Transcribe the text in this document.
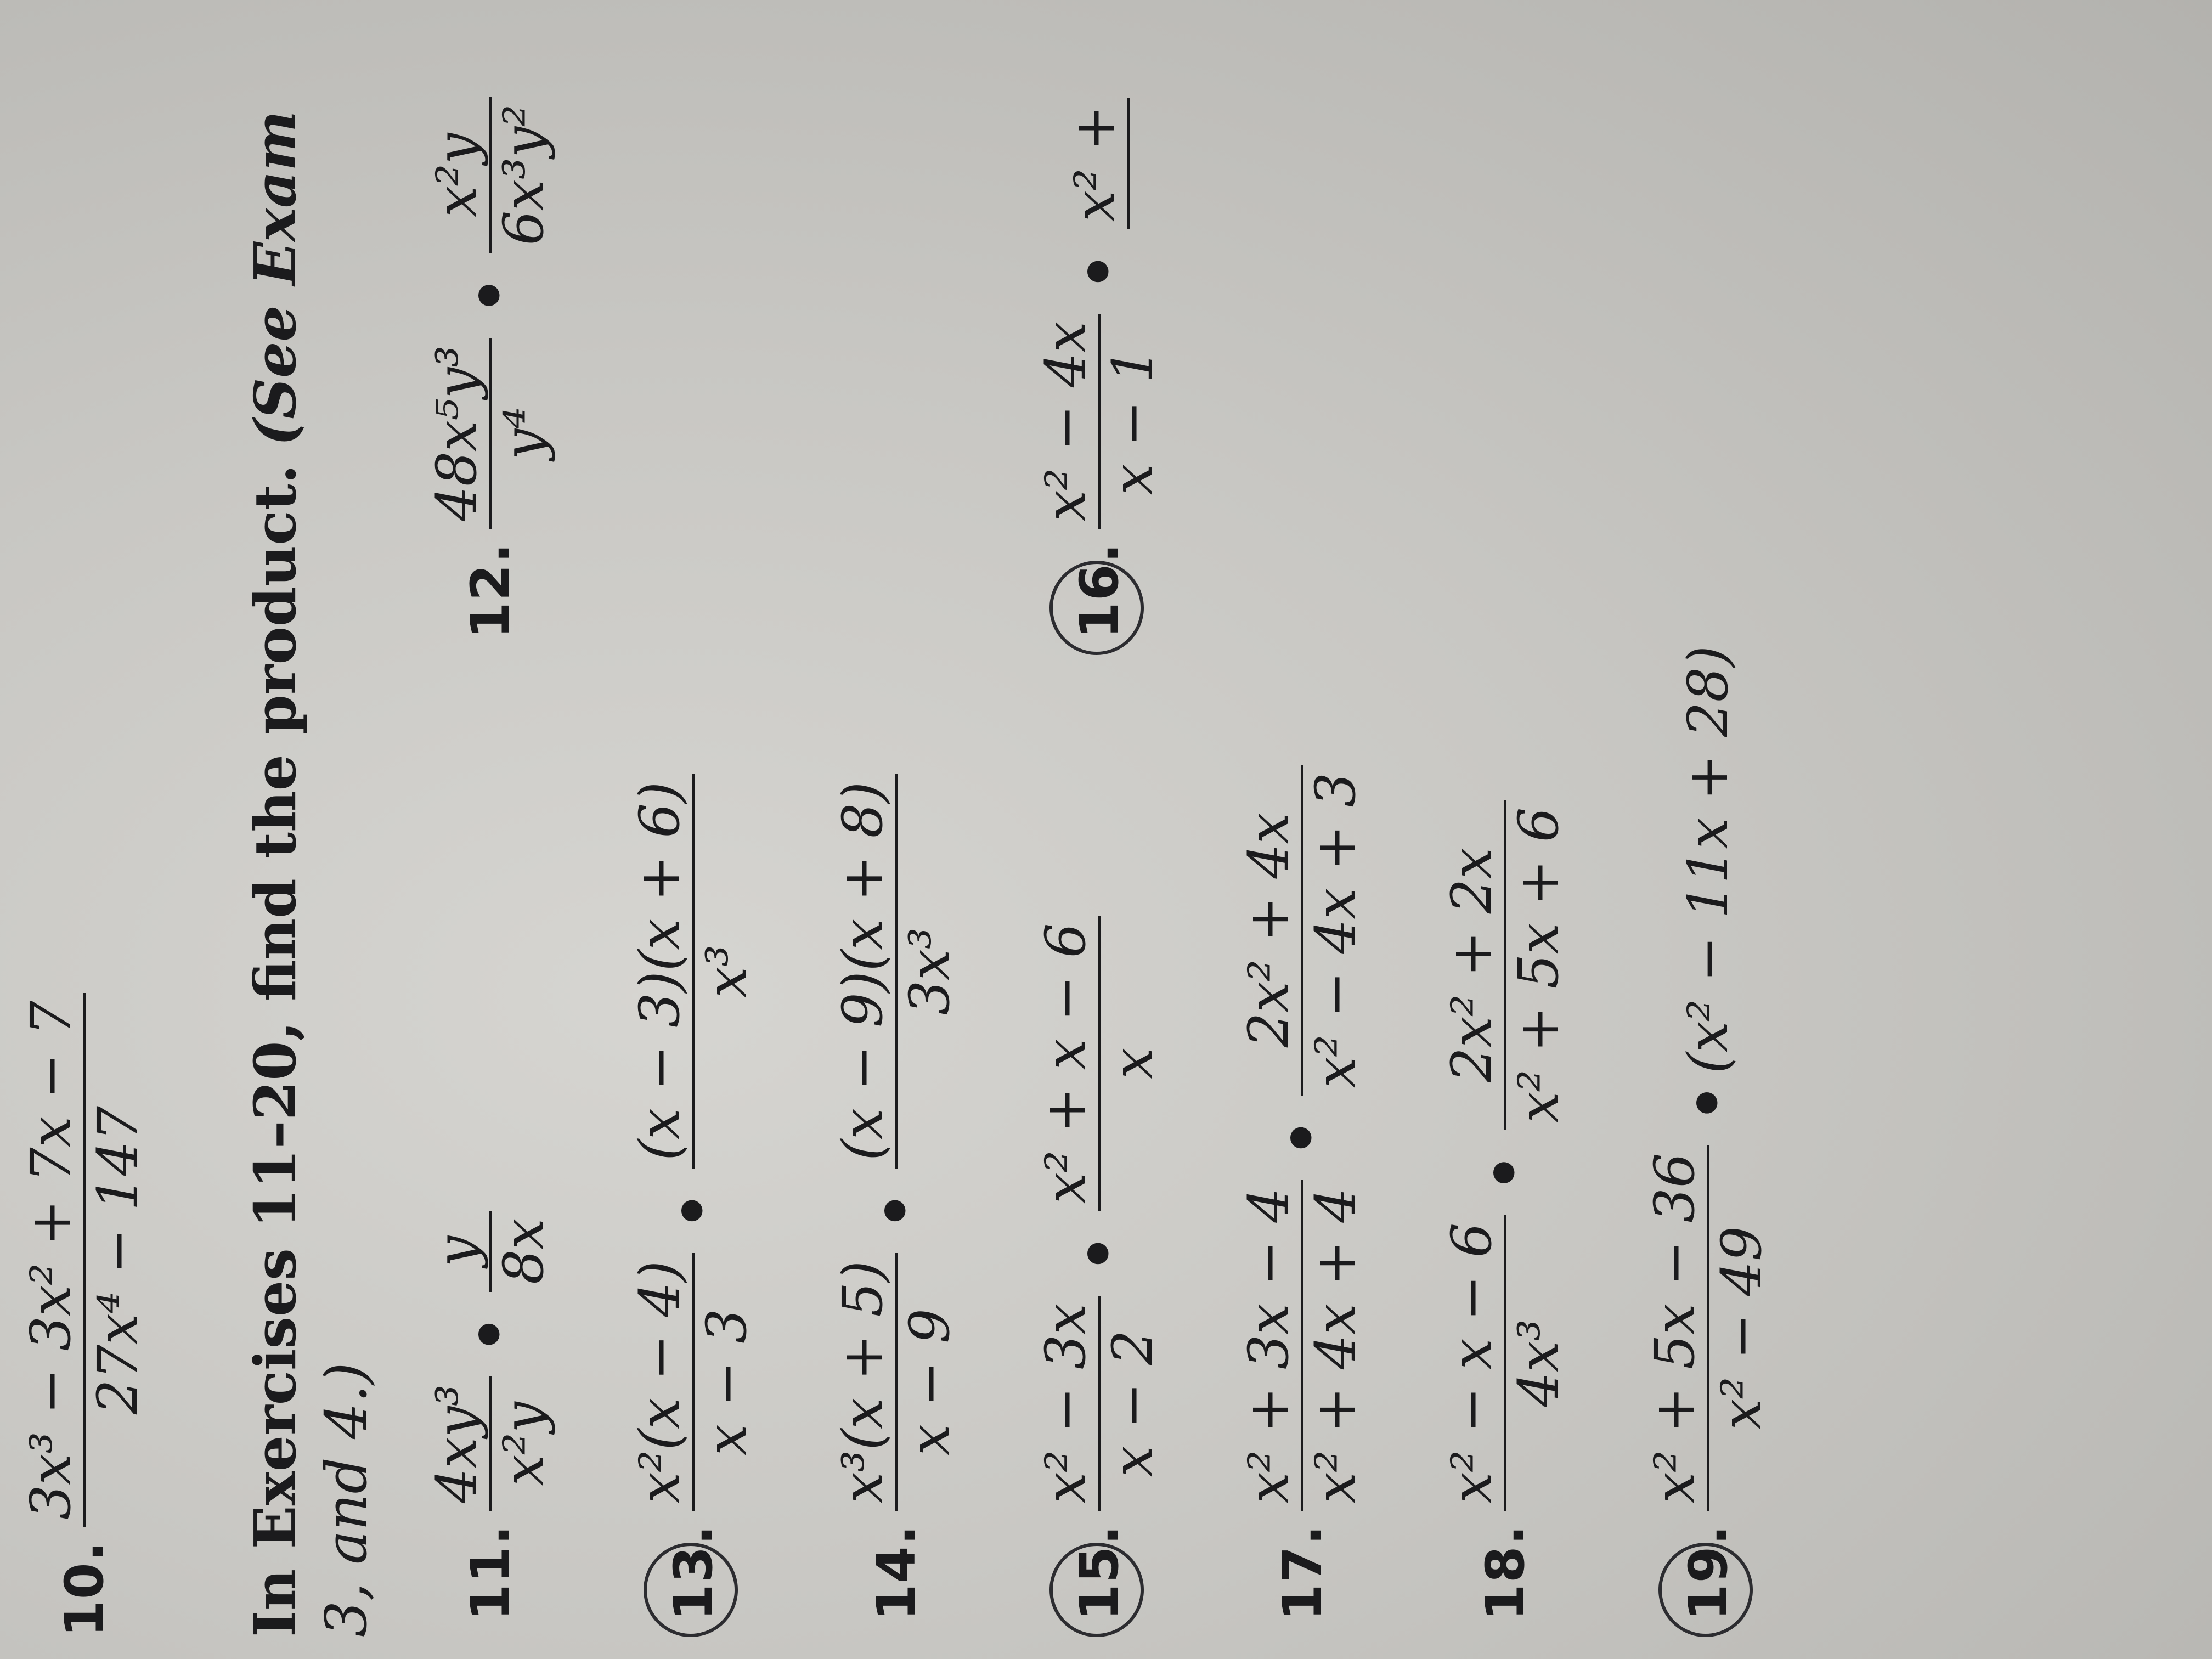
10.
3x³ − 3x² + 7x − 7 27x⁴ − 147 In Exercises 11–20, find the product. (See Exam
3, and 4.) 11.
4xy³ x²y
•
y 8x
12.
48x⁵y³ y⁴
•
x²y 6x³y²
13.
x²(x − 4) x − 3
•
(x − 3)(x + 6) x³
14.
x³(x + 5) x − 9
•
(x − 9)(x + 8) 3x³
15.
x² − 3x x − 2
•
x² + x − 6 x
16.
x² − 4x x − 1
•
x² +
17.
x² + 3x − 4 x² + 4x + 4
•
2x² + 4x x² − 4x + 3
18.
x² − x − 6 4x³
•
2x² + 2x x² + 5x + 6
19.
x² + 5x − 36 x² − 49
•
(x² − 11x + 28)
